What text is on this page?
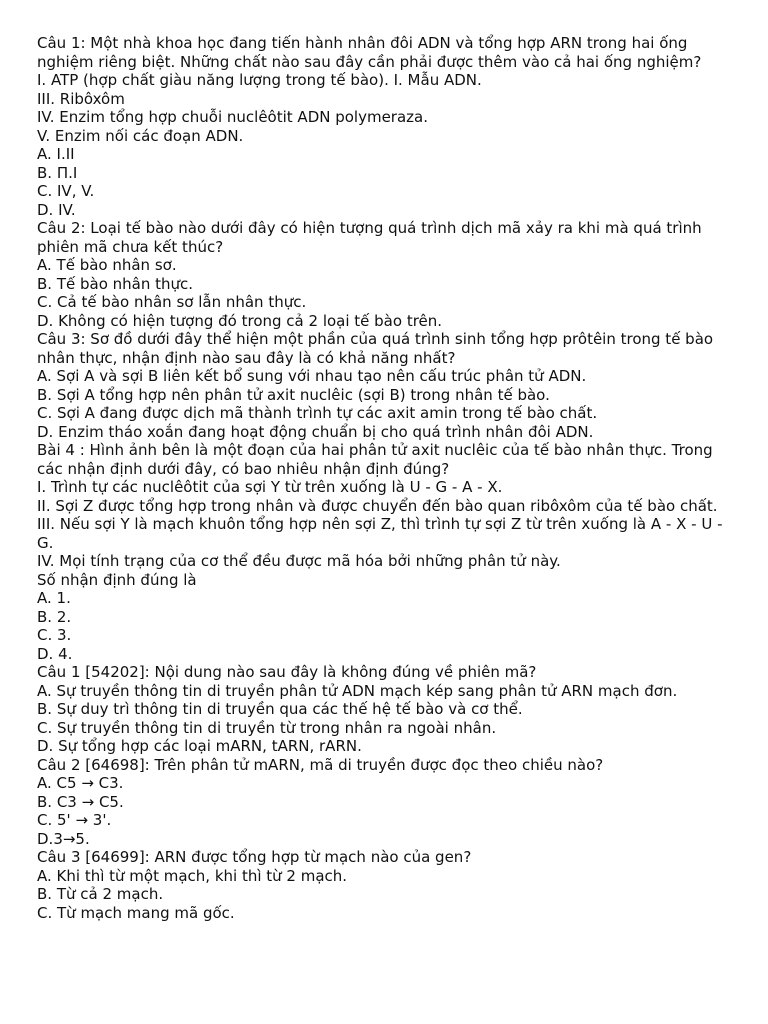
Câu 1: Một nhà khoa học đang tiến hành nhân đôi ADN và tổng hợp ARN trong hai ống nghiệm riêng biệt. Những chất nào sau đây cần phải được thêm vào cả hai ống nghiệm?

I. ATP (hợp chất giàu năng lượng trong tế bào). I. Mẫu ADN.

III. Ribôxôm

IV. Enzim tổng hợp chuỗi nuclêôtit ADN polymeraza.

V. Enzim nối các đoạn ADN.

A. I.II

B. Π.I

C. IV, V.

D. IV.

Câu 2: Loại tế bào nào dưới đây có hiện tượng quá trình dịch mã xảy ra khi mà quá trình phiên mã chưa kết thúc?

A. Tế bào nhân sơ.

B. Tế bào nhân thực.

C. Cả tế bào nhân sơ lẫn nhân thực.

D. Không có hiện tượng đó trong cả 2 loại tế bào trên.

Câu 3: Sơ đồ dưới đây thể hiện một phần của quá trình sinh tổng hợp prôtêin trong tế bào nhân thực, nhận định nào sau đây là có khả năng nhất?

A. Sợi A và sợi B liên kết bổ sung với nhau tạo nên cấu trúc phân tử ADN.

B. Sợi A tổng hợp nên phân tử axit nuclêic (sợi B) trong nhân tế bào.

C. Sợi A đang được dịch mã thành trình tự các axit amin trong tế bào chất.

D. Enzim tháo xoắn đang hoạt động chuẩn bị cho quá trình nhân đôi ADN.

Bài 4 : Hình ảnh bên là một đoạn của hai phân tử axit nuclêic của tế bào nhân thực. Trong các nhận định dưới đây, có bao nhiêu nhận định đúng?

I. Trình tự các nuclêôtit của sợi Y từ trên xuống là U - G - A - X.

II. Sợi Z được tổng hợp trong nhân và được chuyển đến bào quan ribôxôm của tế bào chất.

III. Nếu sợi Y là mạch khuôn tổng hợp nên sợi Z, thì trình tự sợi Z từ trên xuống là A - X - U - G.

IV. Mọi tính trạng của cơ thể đều được mã hóa bởi những phân tử này.

Số nhận định đúng là

A. 1.

B. 2.

C. 3.

D. 4.

Câu 1 [54202]: Nội dung nào sau đây là không đúng về phiên mã?

A. Sự truyền thông tin di truyền phân tử ADN mạch kép sang phân tử ARN mạch đơn.

B. Sự duy trì thông tin di truyền qua các thế hệ tế bào và cơ thể.

C. Sự truyền thông tin di truyền từ trong nhân ra ngoài nhân.

D. Sự tổng hợp các loại mARN, tARN, rARN.

Câu 2 [64698]: Trên phân tử mARN, mã di truyền được đọc theo chiều nào?

A. C5 → C3.

B. C3 → C5.

C. 5' → 3'.

D.3→5.

Câu 3 [64699]: ARN được tổng hợp từ mạch nào của gen?

A. Khi thì từ một mạch, khi thì từ 2 mạch.

B. Từ cả 2 mạch.

C. Từ mạch mang mã gốc.
